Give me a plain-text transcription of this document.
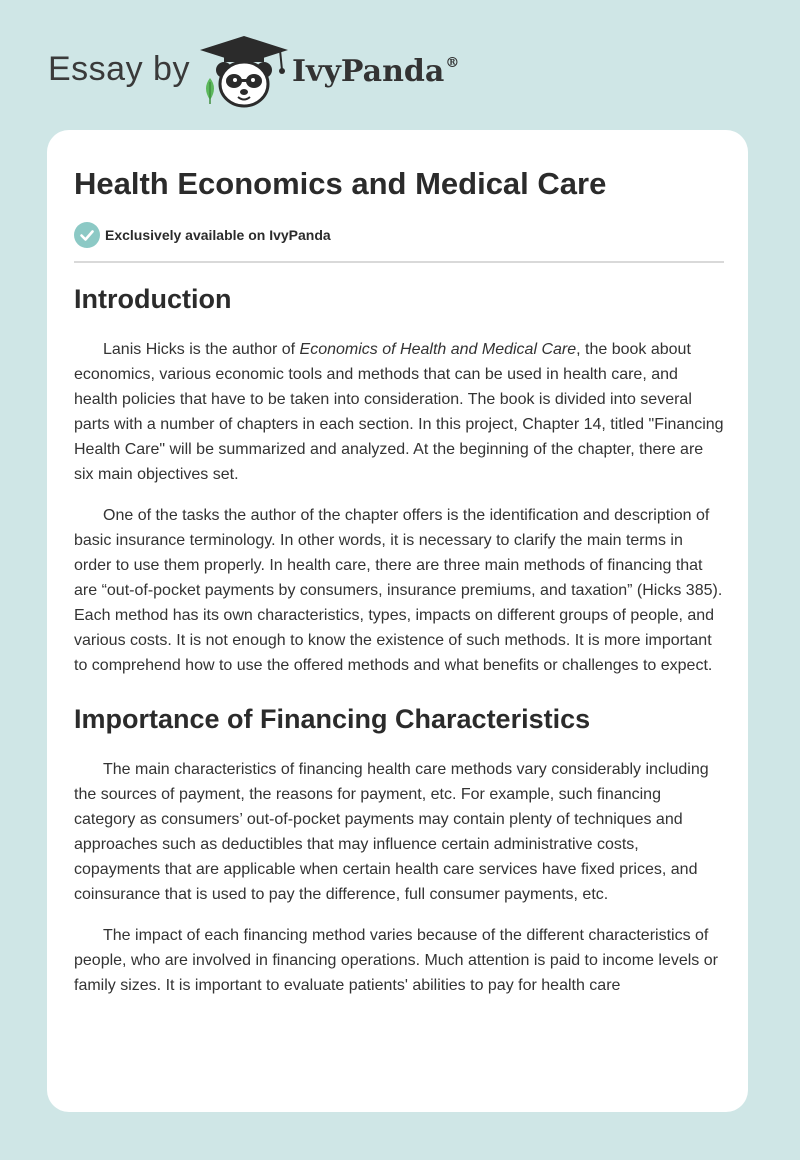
Essay by	IvyPanda®
Health Economics and Medical Care
Exclusively available on IvyPanda
Introduction

Lanis Hicks is the author of Economics of Health and Medical Care, the book about economics, various economic tools and methods that can be used in health care, and health policies that have to be taken into consideration. The book is divided into several parts with a number of chapters in each section. In this project, Chapter 14, titled "Financing Health Care" will be summarized and analyzed. At the beginning of the chapter, there are six main objectives set.

One of the tasks the author of the chapter offers is the identification and description of basic insurance terminology. In other words, it is necessary to clarify the main terms in order to use them properly. In health care, there are three main methods of financing that are “out-of-pocket payments by consumers, insurance premiums, and taxation” (Hicks 385). Each method has its own characteristics, types, impacts on different groups of people, and various costs. It is not enough to know the existence of such methods. It is more important to comprehend how to use the offered methods and what benefits or challenges to expect.

Importance of Financing Characteristics

The main characteristics of financing health care methods vary considerably including the sources of payment, the reasons for payment, etc. For example, such financing category as consumers’ out-of-pocket payments may contain plenty of techniques and approaches such as deductibles that may influence certain administrative costs, copayments that are applicable when certain health care services have fixed prices, and coinsurance that is used to pay the difference, full consumer payments, etc.

The impact of each financing method varies because of the different characteristics of people, who are involved in financing operations. Much attention is paid to income levels or family sizes. It is important to evaluate patients' abilities to pay for health care
